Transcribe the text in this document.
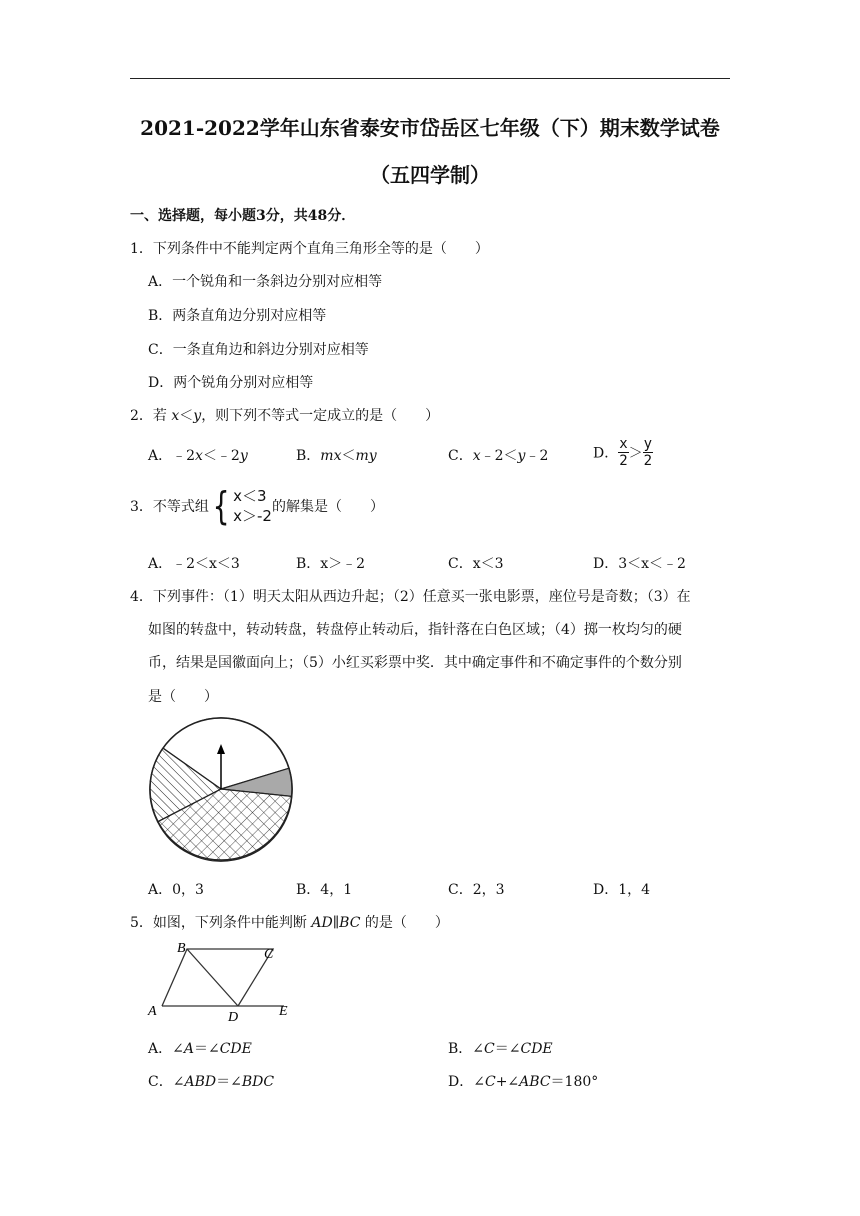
2021-2022学年山东省泰安市岱岳区七年级（下）期末数学试卷
（五四学制）
一、选择题，每小题3分，共48分．
1．下列条件中不能判定两个直角三角形全等的是（　　）
A．一个锐角和一条斜边分别对应相等
B．两条直角边分别对应相等
C．一条直角边和斜边分别对应相等
D．两个锐角分别对应相等
2．若 x＜y，则下列不等式一定成立的是（　　）
A．﹣2x＜﹣2y	B．mx＜my	C．x﹣2＜y﹣2	D． $\frac{x}{2} > \frac{y}{2}$
3．不等式组{ x＜3
x＞-2 的解集是（　　）
A．﹣2＜x＜3	B．x＞﹣2	C．x＜3	D．3＜x＜﹣2
4．下列事件：（1）明天太阳从西边升起；（2）任意买一张电影票，座位号是奇数；（3）在
如图的转盘中，转动转盘，转盘停止转动后，指针落在白色区域；（4）掷一枚均匀的硬
币，结果是国徽面向上；（5）小红买彩票中奖．其中确定事件和不确定事件的个数分别
是（　　）
A．0，3	B．4，1	C．2，3	D．1，4
5．如图，下列条件中能判断 AD∥BC 的是（　　）
A
B	C
D	E
A．∠A＝∠CDE	B．∠C＝∠CDE
C．∠ABD＝∠BDC	D．∠C+∠ABC＝180°
